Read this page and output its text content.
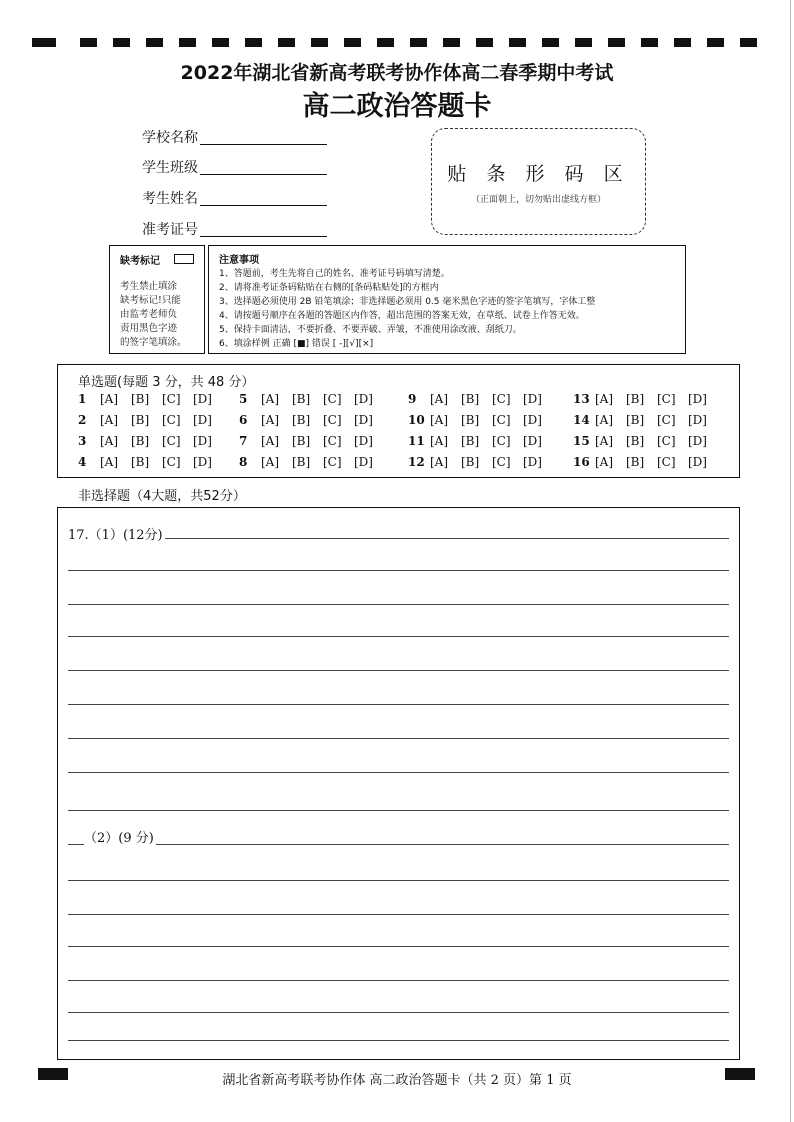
2022年湖北省新高考联考协作体高二春季期中考试
高二政治答题卡
学校名称
学生班级
考生姓名
准考证号
贴 条 形 码 区
（正面朝上，切勿贴出虚线方框）
缺考标记
考生禁止填涂
缺考标记!只能
由监考老师负
责用黑色字迹
的签字笔填涂。
注意事项
1、答题前，考生先将自己的姓名、准考证号码填写清楚。
2、请将准考证条码粘贴在右侧的[条码粘贴处]的方框内
3、选择题必须使用 2B 铅笔填涂；非选择题必须用 0.5 毫米黑色字迹的签字笔填写，字体工整
4、请按题号顺序在各题的答题区内作答，超出范围的答案无效，在草纸、试卷上作答无效。
5、保持卡面清洁，不要折叠、不要弄破、弄皱，不准使用涂改液、刮纸刀。
6、填涂样例 正确 [■] 错误 [ -][√][×]
单选题(每题 3 分，共 48 分）
1 [A] [B] [C] [D]
2 [A] [B] [C] [D]
3 [A] [B] [C] [D]
4 [A] [B] [C] [D]
5 [A] [B] [C] [D]
6 [A] [B] [C] [D]
7 [A] [B] [C] [D]
8 [A] [B] [C] [D]
9 [A] [B] [C] [D]
10 [A] [B] [C] [D]
11 [A] [B] [C] [D]
12 [A] [B] [C] [D]
13 [A] [B] [C] [D]
14 [A] [B] [C] [D]
15 [A] [B] [C] [D]
16 [A] [B] [C] [D]
非选择题（4大题，共52分）
17.（1）(12分)
（2）(9 分)
湖北省新高考联考协作体 高二政治答题卡（共 2 页）第 1 页
